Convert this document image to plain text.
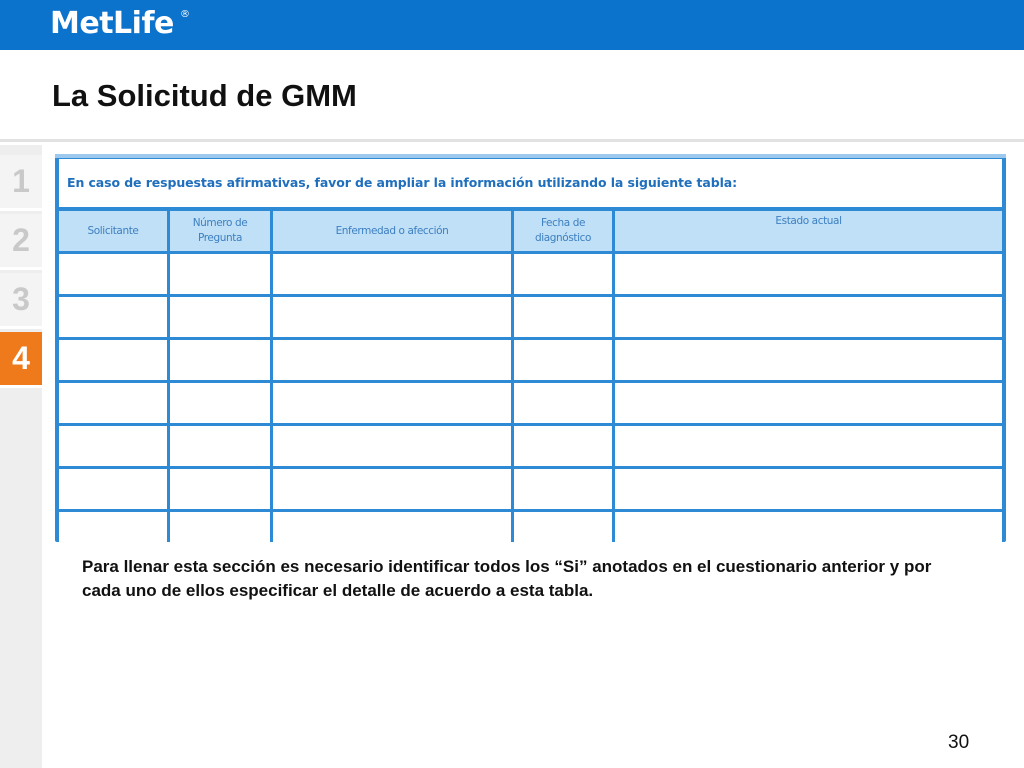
MetLife ®
La Solicitud de GMM
1
2
3
4
En caso de respuestas afirmativas, favor de ampliar la información utilizando la siguiente tabla:
Solicitante
Número de Pregunta
Enfermedad o afección
Fecha de diagnóstico
Estado actual
Para llenar esta sección es necesario identificar todos los “Si” anotados en el cuestionario anterior y por cada uno de ellos especificar el detalle de acuerdo a esta tabla.
30
